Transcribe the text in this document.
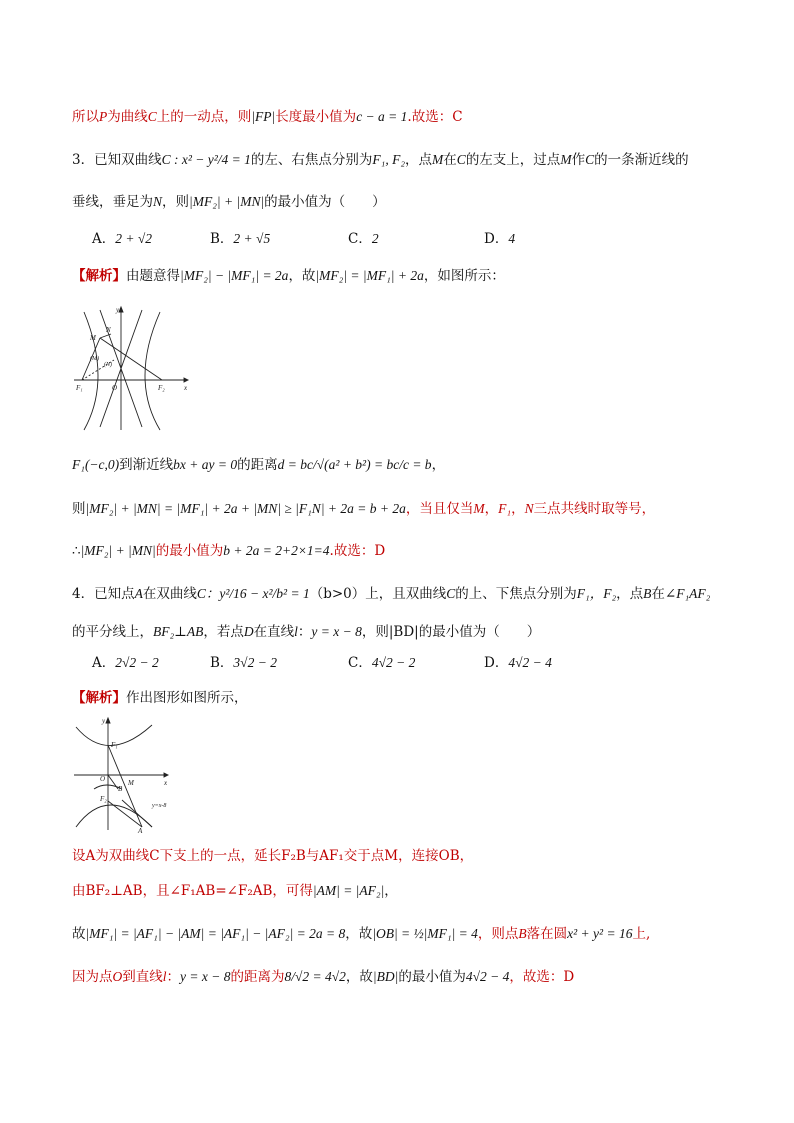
所以P为曲线C上的一动点，则|FP|长度最小值为c − a = 1.故选：C
3．已知双曲线C : x² − y²/4 = 1的左、右焦点分别为F₁, F₂，点M在C的左支上，过点M作C的一条渐近线的
垂线，垂足为N，则|MF₂| + |MN|的最小值为（　　）
A．2 + √2	B．2 + √5	C．2	D．4
【解析】由题意得|MF₂| − |MF₁| = 2a，故|MF₂| = |MF₁| + 2a，如图所示：
y
x
N
M
(M)
(N)
F₁	F₂
O
F₁(−c,0)到渐近线bx + ay = 0的距离d = bc/√(a² + b²) = bc/c = b，
则|MF₂| + |MN| = |MF₁| + 2a + |MN| ≥ |F₁N| + 2a = b + 2a，当且仅当M，F₁，N三点共线时取等号，
∴|MF₂| + |MN|的最小值为b + 2a = 2+2×1=4.故选：D
4．已知点A在双曲线C：y²/16 − x²/b² = 1（b>0）上，且双曲线C的上、下焦点分别为F₁，F₂，点B在∠F₁AF₂
的平分线上，BF₂⊥AB，若点D在直线l：y = x − 8，则|BD|的最小值为（　　）
A．2√2 − 2	B．3√2 − 2	C．4√2 − 2	D．4√2 − 4
【解析】作出图形如图所示，
y
x
F₁
F₂
O	M
B
A
y=x-8
设A为双曲线C下支上的一点，延长F₂B与AF₁交于点M，连接OB，
由BF₂⊥AB，且∠F₁AB=∠F₂AB，可得|AM| = |AF₂|，
故|MF₁| = |AF₁| − |AM| = |AF₁| − |AF₂| = 2a = 8，故|OB| = ½|MF₁| = 4，则点B落在圆x² + y² = 16上,
因为点O到直线l：y = x − 8的距离为8/√2 = 4√2，故|BD|的最小值为4√2 − 4，故选：D
